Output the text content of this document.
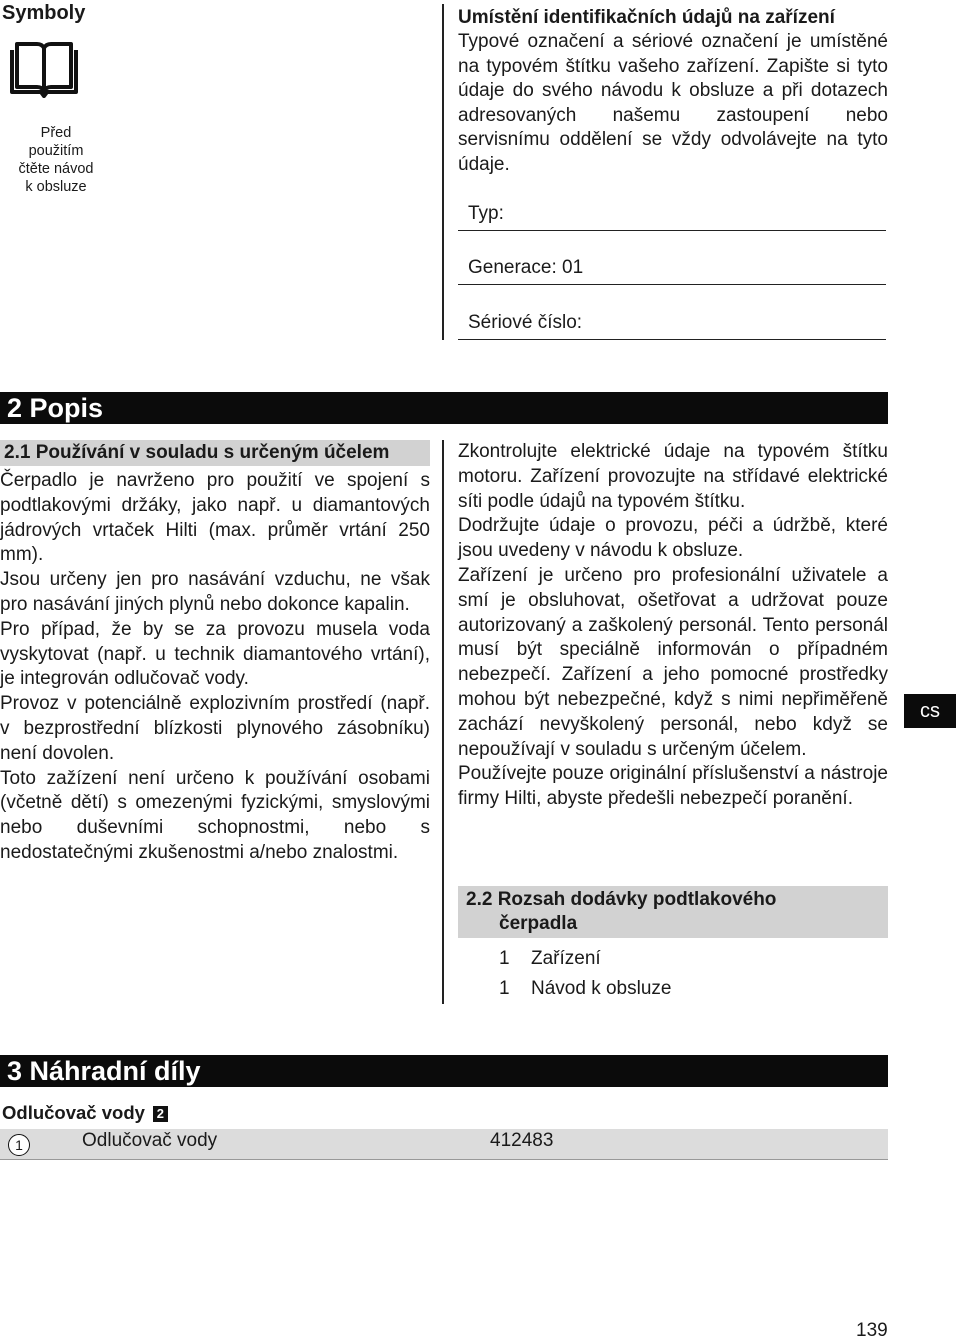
Symboly
Před
použitím
čtěte návod
k obsluze
Umístění identifikačních údajů na zařízení

Typové označení a sériové označení je umístěné na typovém štítku vašeho zařízení. Zapište si tyto údaje do svého návodu k obsluze a při dotazech adresovaných našemu zastoupení nebo servisnímu oddělení se vždy odvolávejte na tyto údaje.

Typ:
Generace: 01
Sériové číslo:
2 Popis
2.1 Používání v souladu s určeným účelem

Čerpadlo je navrženo pro použití ve spojení s podtlakovými držáky, jako např. u diamantových jádrových vrtaček Hilti (max. průměr vrtání 250 mm).

Jsou určeny jen pro nasávání vzduchu, ne však pro nasávání jiných plynů nebo dokonce kapalin.

Pro případ, že by se za provozu musela voda vyskytovat (např. u technik diamantového vrtání), je integrován odlučovač vody.

Provoz v potenciálně explozivním prostředí (např. v bezprostřední blízkosti plynového zásobníku) není dovolen.

Toto zažízení není určeno k používání osobami (včetně dětí) s omezenými fyzickými, smyslovými nebo duševními schopnostmi, nebo s nedostatečnými zkušenostmi a/nebo znalostmi.

Zkontrolujte elektrické údaje na typovém štítku motoru. Zařízení provozujte na střídavé elektrické síti podle údajů na typovém štítku.

Dodržujte údaje o provozu, péči a údržbě, které jsou uvedeny v návodu k obsluze.

Zařízení je určeno pro profesionální uživatele a smí je obsluhovat, ošetřovat a udržovat pouze autorizovaný a zaškolený personál. Tento personál musí být speciálně informován o případném nebezpečí. Zařízení a jeho pomocné prostředky mohou být nebezpečné, když s nimi nepřiměřeně zachází nevyškolený personál, nebo když se nepoužívají v souladu s určeným účelem.

Používejte pouze originální příslušenství a nástroje firmy Hilti, abyste předešli nebezpečí poranění.

2.2 Rozsah dodávky podtlakového
čerpadla
1 Zařízení
1 Návod k obsluze
cs
3 Náhradní díly
Odlučovač vody 2
1	Odlučovač vody	412483
139
